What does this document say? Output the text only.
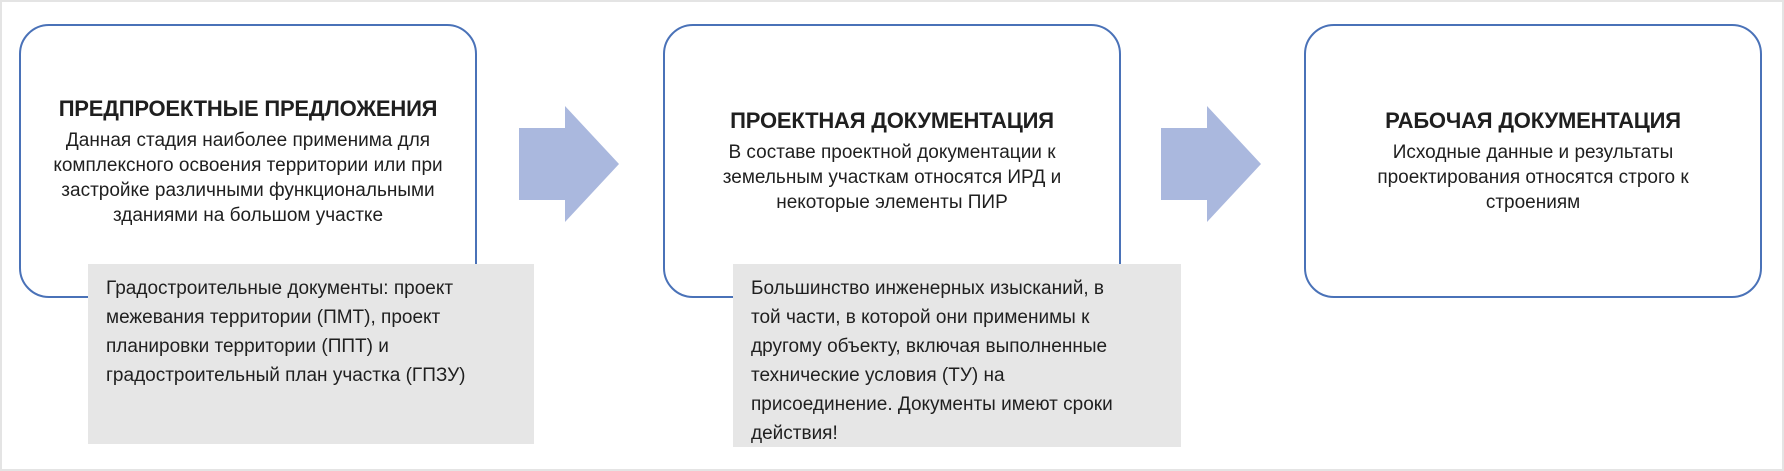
ПРЕДПРОЕКТНЫЕ ПРЕДЛОЖЕНИЯ
Данная стадия наиболее применима для
комплексного освоения территории или при
застройке различными функциональными
зданиями на большом участке
ПРОЕКТНАЯ ДОКУМЕНТАЦИЯ
В составе проектной документации к
земельным участкам относятся ИРД и
некоторые элементы ПИР
РАБОЧАЯ ДОКУМЕНТАЦИЯ
Исходные данные и результаты
проектирования относятся строго к
строениям
Градостроительные документы: проект
межевания территории (ПМТ), проект
планировки территории (ППТ) и
градостроительный план участка (ГПЗУ)
Большинство инженерных изысканий, в
той части, в которой они применимы к
другому объекту, включая выполненные
технические условия (ТУ) на
присоединение. Документы имеют сроки
действия!
